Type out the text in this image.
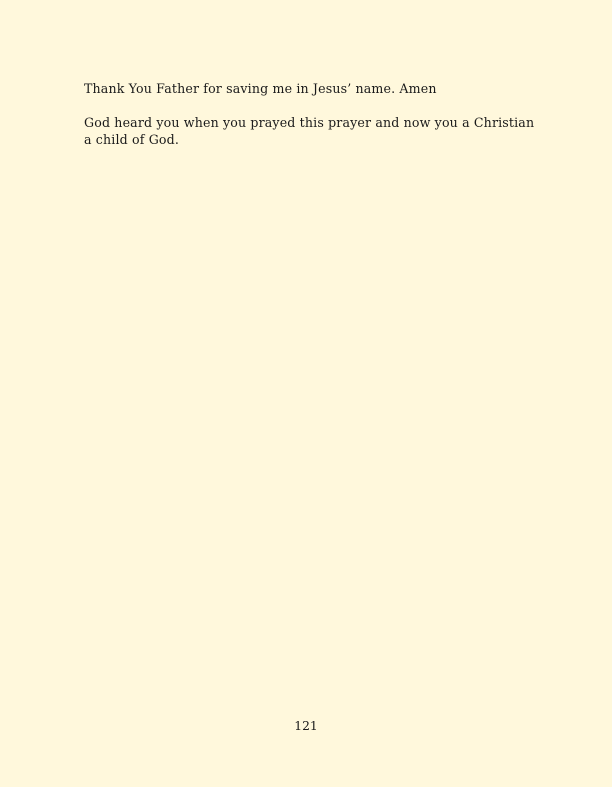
Thank You Father for saving me in Jesus’ name. Amen
God heard you when you prayed this prayer and now you a Christian
a child of God.
121
